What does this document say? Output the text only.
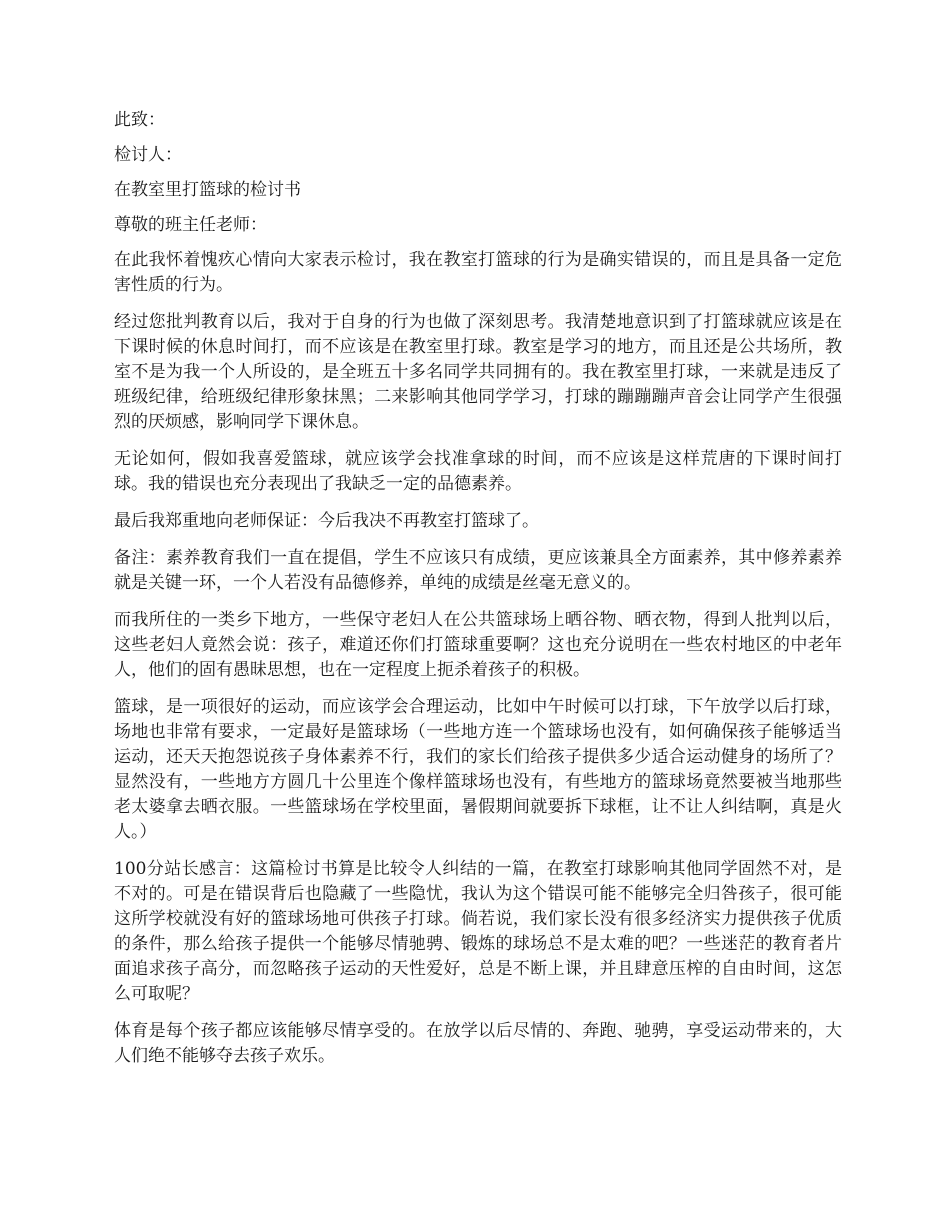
此致：

检讨人：

在教室里打篮球的检讨书

尊敬的班主任老师：

在此我怀着愧疚心情向大家表示检讨，我在教室打篮球的行为是确实错误的，而且是具备一定危害性质的行为。

经过您批判教育以后，我对于自身的行为也做了深刻思考。我清楚地意识到了打篮球就应该是在下课时候的休息时间打，而不应该是在教室里打球。教室是学习的地方，而且还是公共场所，教室不是为我一个人所设的，是全班五十多名同学共同拥有的。我在教室里打球，一来就是违反了班级纪律，给班级纪律形象抹黑；二来影响其他同学学习，打球的蹦蹦蹦声音会让同学产生很强烈的厌烦感，影响同学下课休息。

无论如何，假如我喜爱篮球，就应该学会找准拿球的时间，而不应该是这样荒唐的下课时间打球。我的错误也充分表现出了我缺乏一定的品德素养。

最后我郑重地向老师保证：今后我决不再教室打篮球了。

备注：素养教育我们一直在提倡，学生不应该只有成绩，更应该兼具全方面素养，其中修养素养就是关键一环，一个人若没有品德修养，单纯的成绩是丝毫无意义的。

而我所住的一类乡下地方，一些保守老妇人在公共篮球场上晒谷物、晒衣物，得到人批判以后，这些老妇人竟然会说：孩子，难道还你们打篮球重要啊？这也充分说明在一些农村地区的中老年人，他们的固有愚昧思想，也在一定程度上扼杀着孩子的积极。

篮球，是一项很好的运动，而应该学会合理运动，比如中午时候可以打球，下午放学以后打球，场地也非常有要求，一定最好是篮球场（一些地方连一个篮球场也没有，如何确保孩子能够适当运动，还天天抱怨说孩子身体素养不行，我们的家长们给孩子提供多少适合运动健身的场所了？显然没有，一些地方方圆几十公里连个像样篮球场也没有，有些地方的篮球场竟然要被当地那些老太婆拿去晒衣服。一些篮球场在学校里面，暑假期间就要拆下球框，让不让人纠结啊，真是火人。）

100分站长感言：这篇检讨书算是比较令人纠结的一篇，在教室打球影响其他同学固然不对，是不对的。可是在错误背后也隐藏了一些隐忧，我认为这个错误可能不能够完全归咎孩子，很可能这所学校就没有好的篮球场地可供孩子打球。倘若说，我们家长没有很多经济实力提供孩子优质的条件，那么给孩子提供一个能够尽情驰骋、锻炼的球场总不是太难的吧？一些迷茫的教育者片面追求孩子高分，而忽略孩子运动的天性爱好，总是不断上课，并且肆意压榨的自由时间，这怎么可取呢？

体育是每个孩子都应该能够尽情享受的。在放学以后尽情的、奔跑、驰骋，享受运动带来的，大人们绝不能够夺去孩子欢乐。
